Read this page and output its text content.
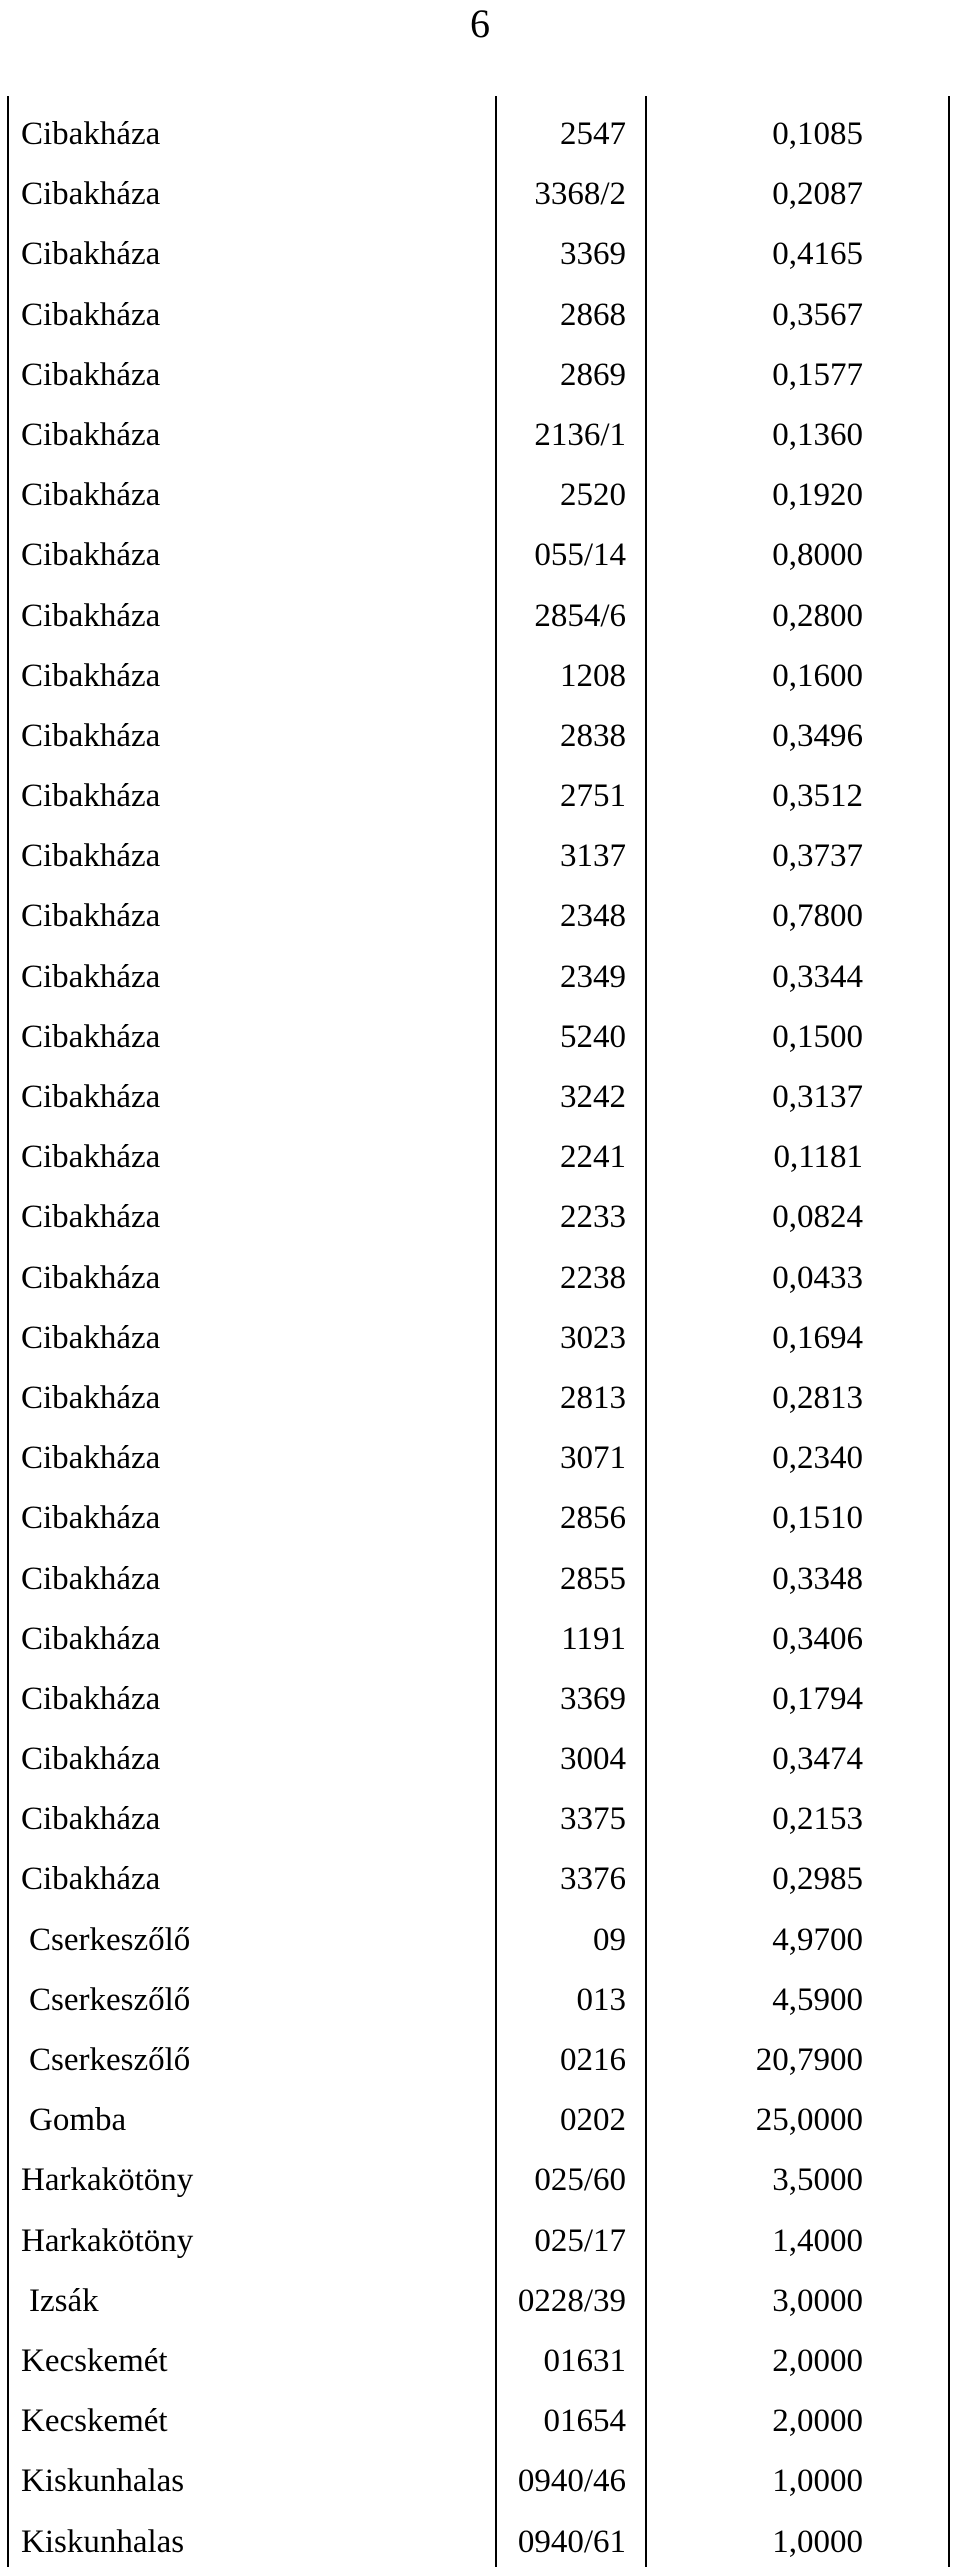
6
Cibakháza	2547	0,1085
Cibakháza	3368/2	0,2087
Cibakháza	3369	0,4165
Cibakháza	2868	0,3567
Cibakháza	2869	0,1577
Cibakháza	2136/1	0,1360
Cibakháza	2520	0,1920
Cibakháza	055/14	0,8000
Cibakháza	2854/6	0,2800
Cibakháza	1208	0,1600
Cibakháza	2838	0,3496
Cibakháza	2751	0,3512
Cibakháza	3137	0,3737
Cibakháza	2348	0,7800
Cibakháza	2349	0,3344
Cibakháza	5240	0,1500
Cibakháza	3242	0,3137
Cibakháza	2241	0,1181
Cibakháza	2233	0,0824
Cibakháza	2238	0,0433
Cibakháza	3023	0,1694
Cibakháza	2813	0,2813
Cibakháza	3071	0,2340
Cibakháza	2856	0,1510
Cibakháza	2855	0,3348
Cibakháza	1191	0,3406
Cibakháza	3369	0,1794
Cibakháza	3004	0,3474
Cibakháza	3375	0,2153
Cibakháza	3376	0,2985
Cserkeszőlő	09	4,9700
Cserkeszőlő	013	4,5900
Cserkeszőlő	0216	20,7900
Gomba	0202	25,0000
Harkakötöny	025/60	3,5000
Harkakötöny	025/17	1,4000
Izsák	0228/39	3,0000
Kecskemét	01631	2,0000
Kecskemét	01654	2,0000
Kiskunhalas	0940/46	1,0000
Kiskunhalas	0940/61	1,0000
